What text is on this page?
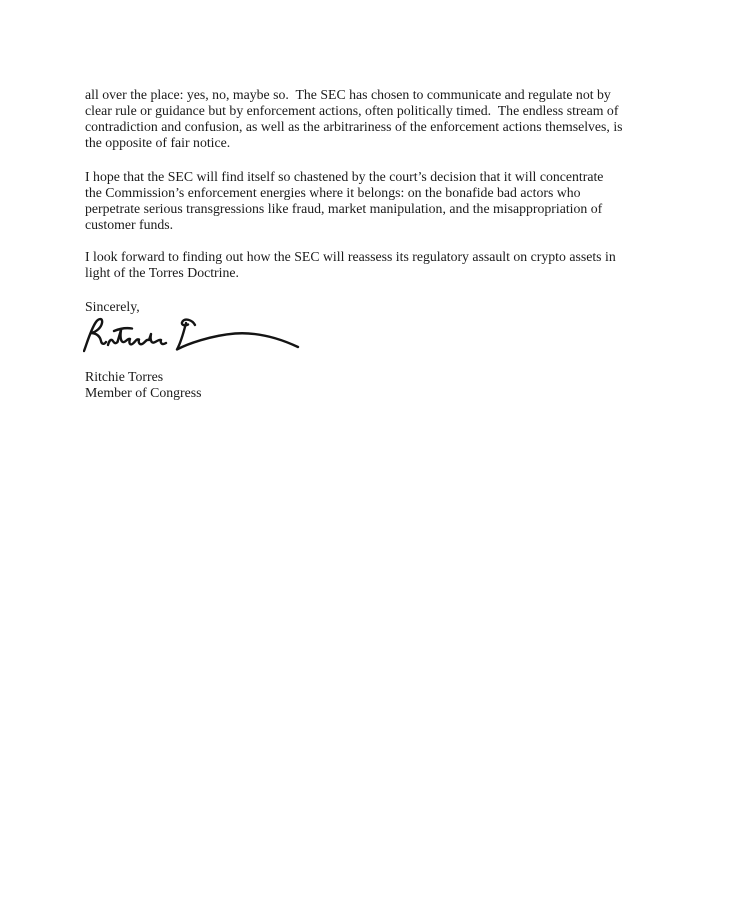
all over the place: yes, no, maybe so.  The SEC has chosen to communicate and regulate not by
clear rule or guidance but by enforcement actions, often politically timed.  The endless stream of
contradiction and confusion, as well as the arbitrariness of the enforcement actions themselves, is
the opposite of fair notice.
I hope that the SEC will find itself so chastened by the court’s decision that it will concentrate
the Commission’s enforcement energies where it belongs: on the bonafide bad actors who
perpetrate serious transgressions like fraud, market manipulation, and the misappropriation of
customer funds.
I look forward to finding out how the SEC will reassess its regulatory assault on crypto assets in
light of the Torres Doctrine.
Sincerely,
Ritchie Torres
Member of Congress
